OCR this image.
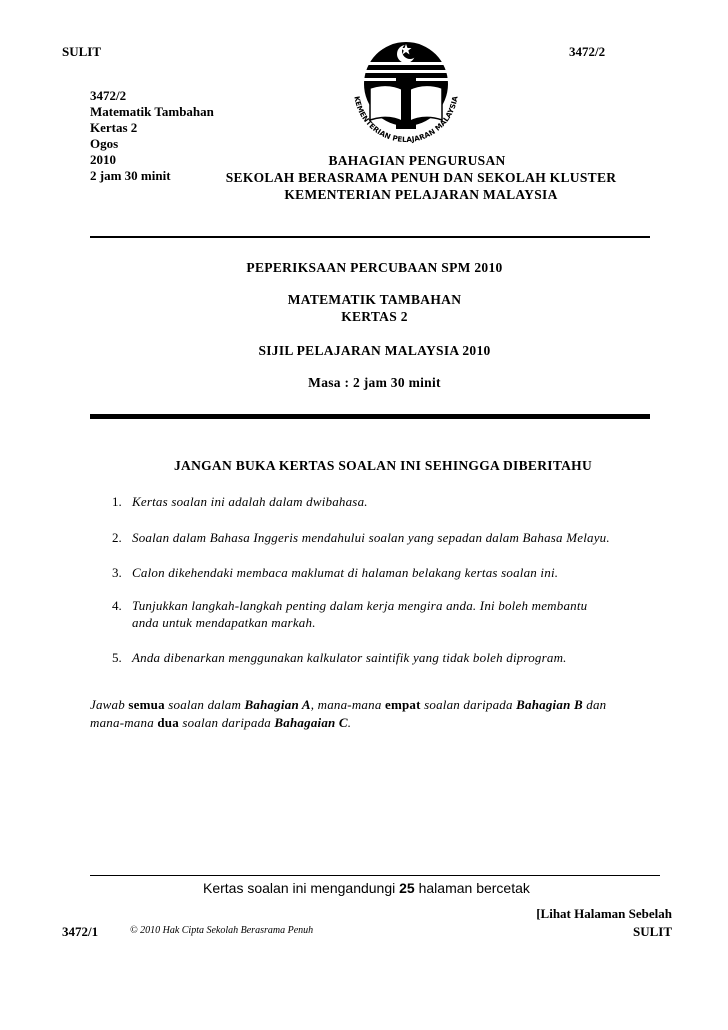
SULIT	3472/2
3472/2
Matematik Tambahan
Kertas 2
Ogos
2010
2 jam 30 minit
KEMENTERIAN PELAJARAN MALAYSIA
BAHAGIAN PENGURUSAN
SEKOLAH BERASRAMA PENUH DAN SEKOLAH KLUSTER
KEMENTERIAN PELAJARAN MALAYSIA
PEPERIKSAAN PERCUBAAN SPM 2010
MATEMATIK TAMBAHAN
KERTAS 2
SIJIL PELAJARAN MALAYSIA 2010
Masa : 2 jam 30 minit
JANGAN BUKA KERTAS SOALAN INI SEHINGGA DIBERITAHU
1. Kertas soalan ini adalah dalam dwibahasa.
2. Soalan dalam Bahasa Inggeris mendahului soalan yang sepadan dalam Bahasa Melayu.
3. Calon dikehendaki membaca maklumat di halaman belakang kertas soalan ini.
4. Tunjukkan langkah-langkah penting dalam kerja mengira anda. Ini boleh membantu
anda untuk mendapatkan markah.
5. Anda dibenarkan menggunakan kalkulator saintifik yang tidak boleh diprogram.
Jawab semua soalan dalam Bahagian A, mana-mana empat soalan daripada Bahagian B dan
mana-mana dua soalan daripada Bahagaian C.
Kertas soalan ini mengandungi 25 halaman bercetak
[Lihat Halaman Sebelah
3472/1	© 2010 Hak Cipta Sekolah Berasrama Penuh	SULIT
